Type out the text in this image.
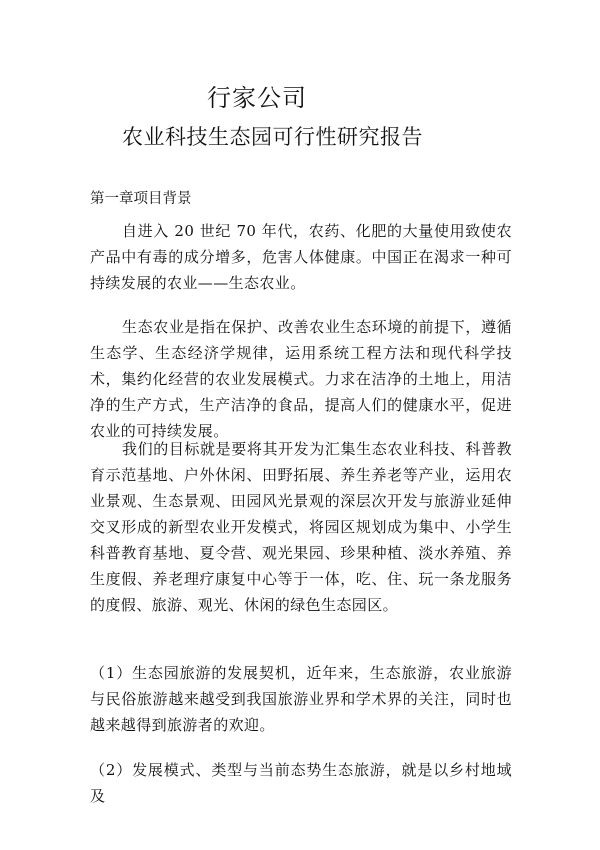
行家公司
农业科技生态园可行性研究报告
第一章项目背景

自进入 20 世纪 70 年代，农药、化肥的大量使用致使农产品中有毒的成分增多，危害人体健康。中国正在渴求一种可持续发展的农业——生态农业。

生态农业是指在保护、改善农业生态环境的前提下，遵循生态学、生态经济学规律，运用系统工程方法和现代科学技术，集约化经营的农业发展模式。力求在洁净的土地上，用洁净的生产方式，生产洁净的食品，提高人们的健康水平，促进农业的可持续发展。

我们的目标就是要将其开发为汇集生态农业科技、科普教育示范基地、户外休闲、田野拓展、养生养老等产业，运用农业景观、生态景观、田园风光景观的深层次开发与旅游业延伸交叉形成的新型农业开发模式，将园区规划成为集中、小学生科普教育基地、夏令营、观光果园、珍果种植、淡水养殖、养生度假、养老理疗康复中心等于一体，吃、住、玩一条龙服务的度假、旅游、观光、休闲的绿色生态园区。

（1）生态园旅游的发展契机，近年来，生态旅游，农业旅游与民俗旅游越来越受到我国旅游业界和学术界的关注，同时也越来越得到旅游者的欢迎。

（2）发展模式、类型与当前态势生态旅游，就是以乡村地域及
